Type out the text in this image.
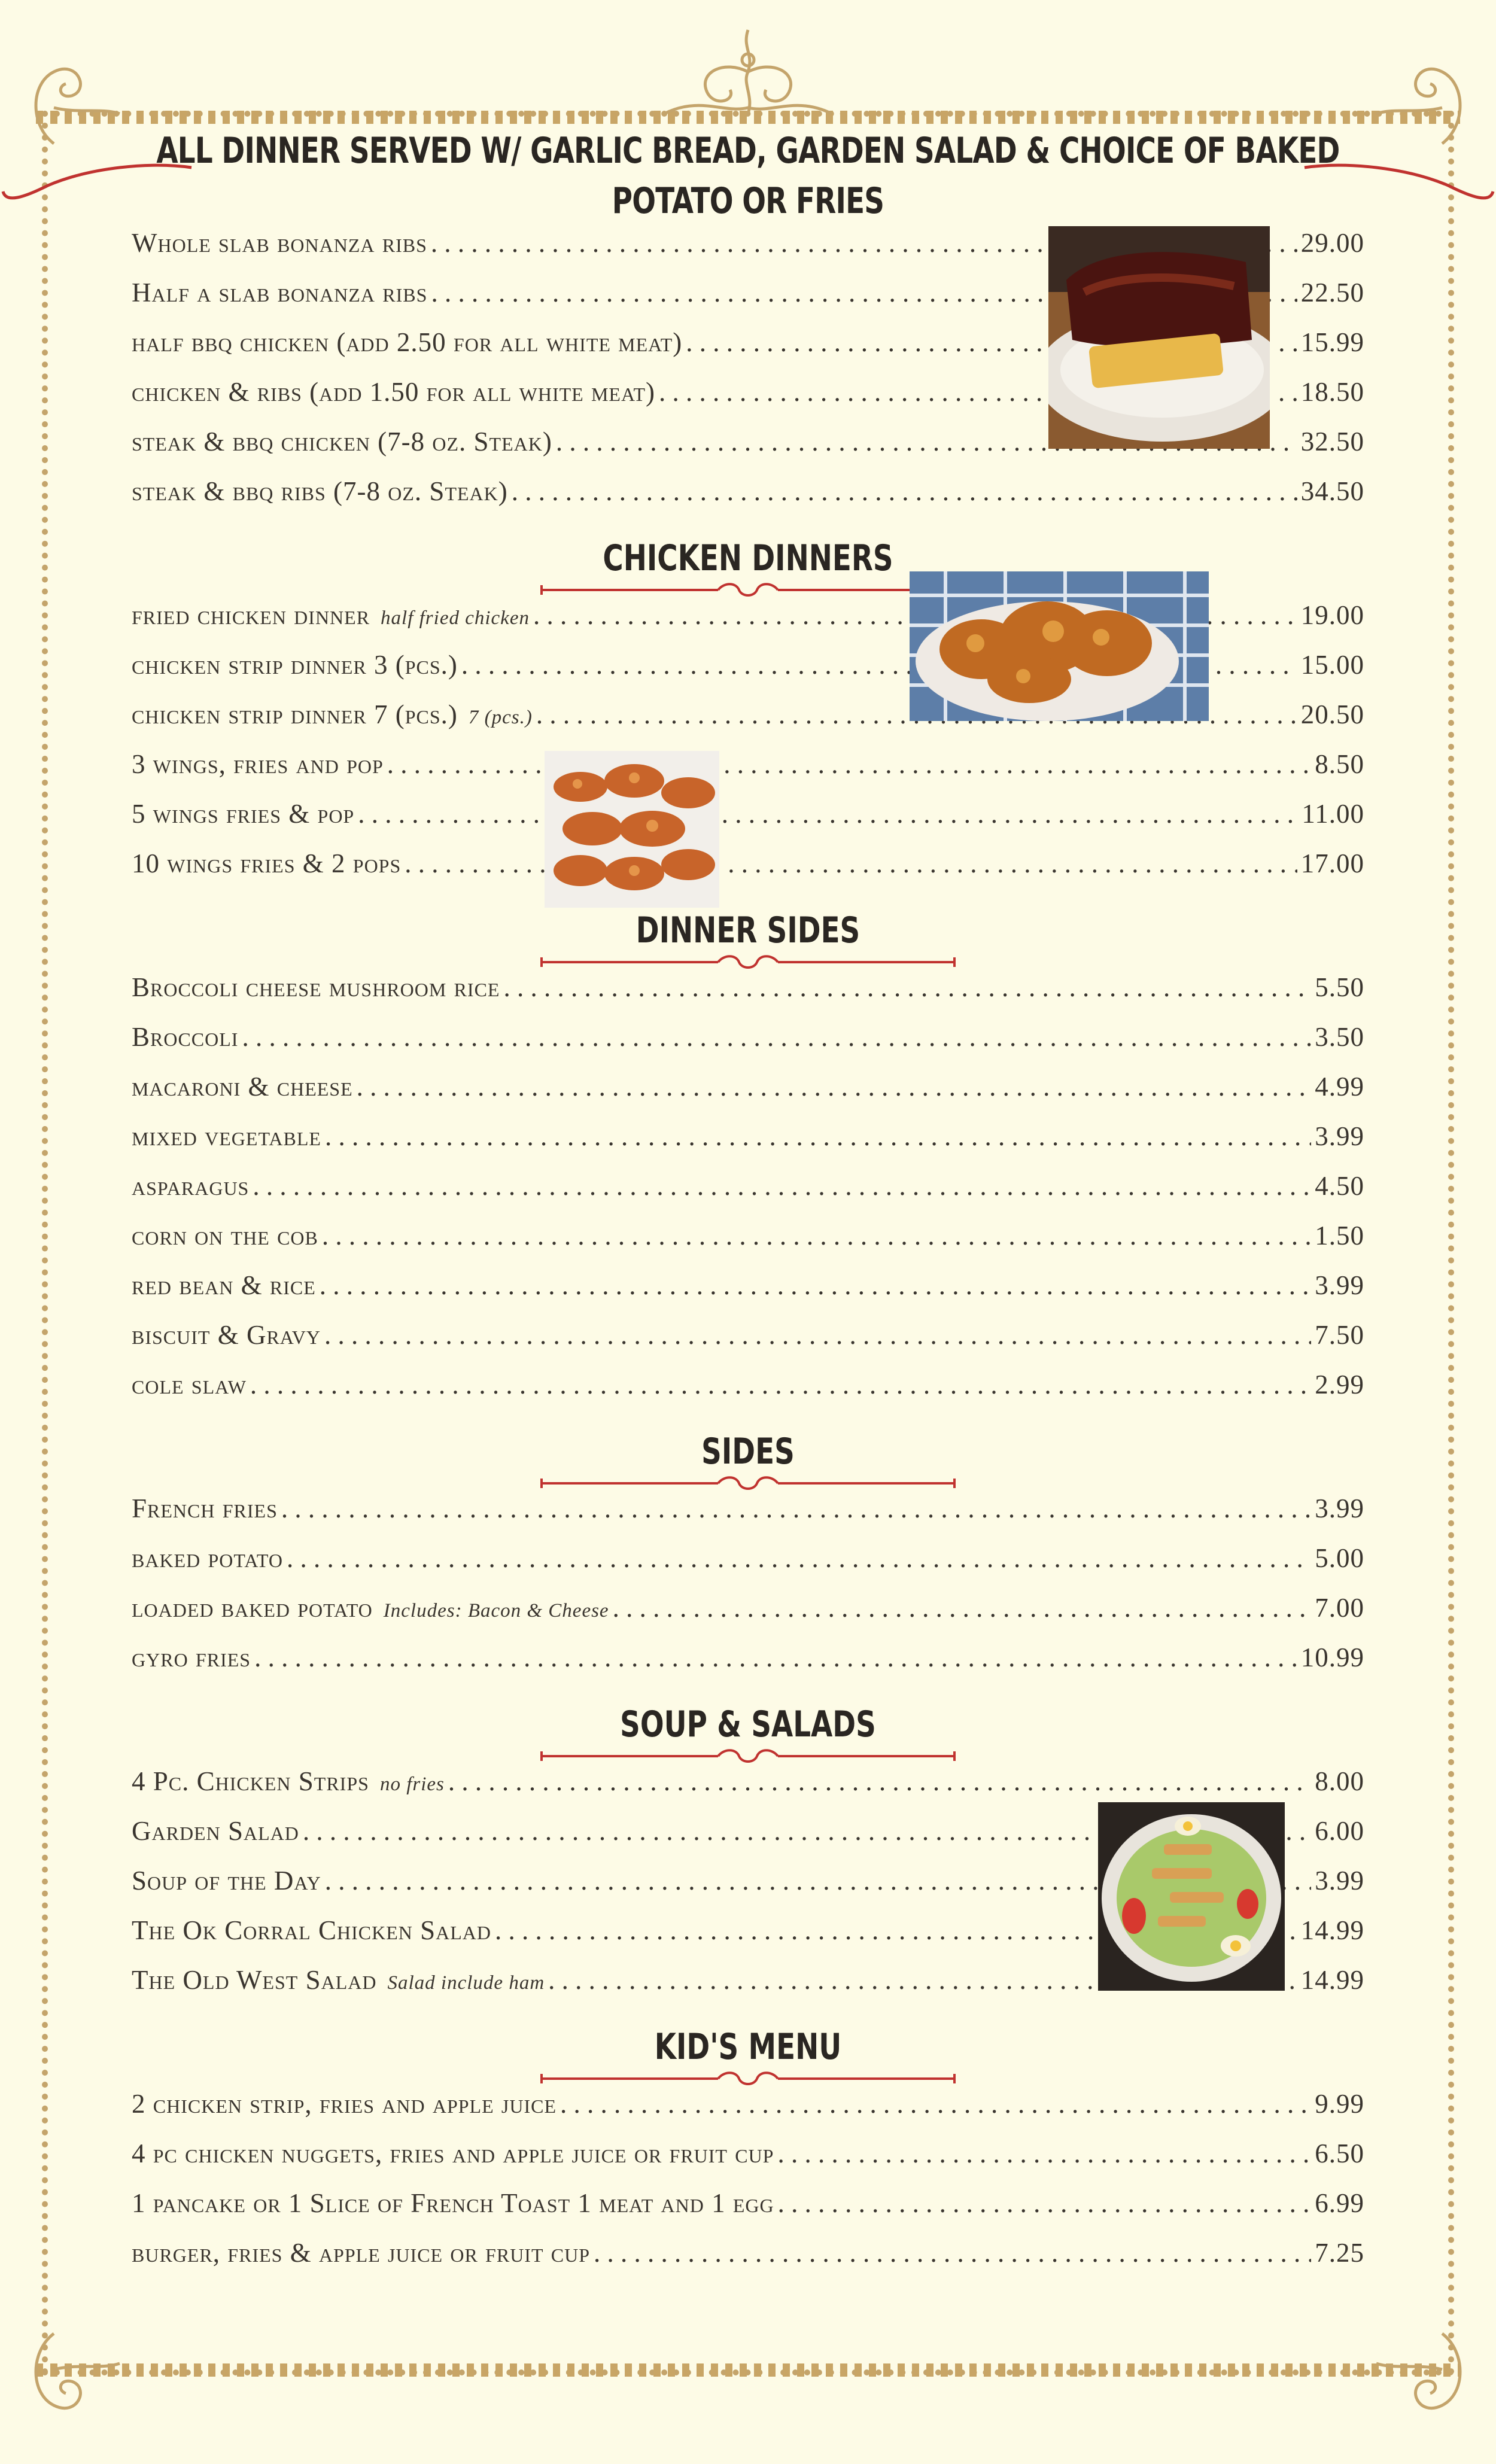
ALL DINNER SERVED W/ GARLIC BREAD, GARDEN SALAD & CHOICE OF BAKED
POTATO OR FRIES
Whole slab bonanza ribs . . .	29.00
Half a slab bonanza ribs . . .	22.50
half bbq chicken (add 2.50 for all white meat) . . .	15.99
chicken & ribs (add 1.50 for all white meat) . . .	18.50
steak & bbq chicken (7-8 oz. Steak) . . .	32.50
steak & bbq ribs (7-8 oz. Steak) . . .	34.50
CHICKEN DINNERS
fried chicken dinner half fried chicken . . .	19.00
chicken strip dinner 3 (pcs.) . . .	15.00
chicken strip dinner 7 (pcs.) 7 (pcs.) . . .	20.50
3 wings, fries and pop . . .	8.50
5 wings fries & pop . . .	11.00
10 wings fries & 2 pops . . .	17.00
DINNER SIDES
Broccoli cheese mushroom rice . . .	5.50
Broccoli . . .	3.50
macaroni & cheese . . .	4.99
mixed vegetable . . .	3.99
asparagus . . .	4.50
corn on the cob . . .	1.50
red bean & rice . . .	3.99
biscuit & Gravy . . .	7.50
cole slaw . . .	2.99
SIDES
French fries . . .	3.99
baked potato . . .	5.00
loaded baked potato Includes: Bacon & Cheese . . .	7.00
gyro fries . . .	10.99
SOUP & SALADS
4 Pc. Chicken Strips no fries . . .	8.00
Garden Salad . . .	6.00
Soup of the Day . . .	3.99
The Ok Corral Chicken Salad . . .	14.99
The Old West Salad Salad include ham . . .	14.99
KID'S MENU
2 chicken strip, fries and apple juice . . .	9.99
4 pc chicken nuggets, fries and apple juice or fruit cup . . .	6.50
1 pancake or 1 Slice of French Toast 1 meat and 1 egg . . .	6.99
burger, fries & apple juice or fruit cup . . .	7.25
